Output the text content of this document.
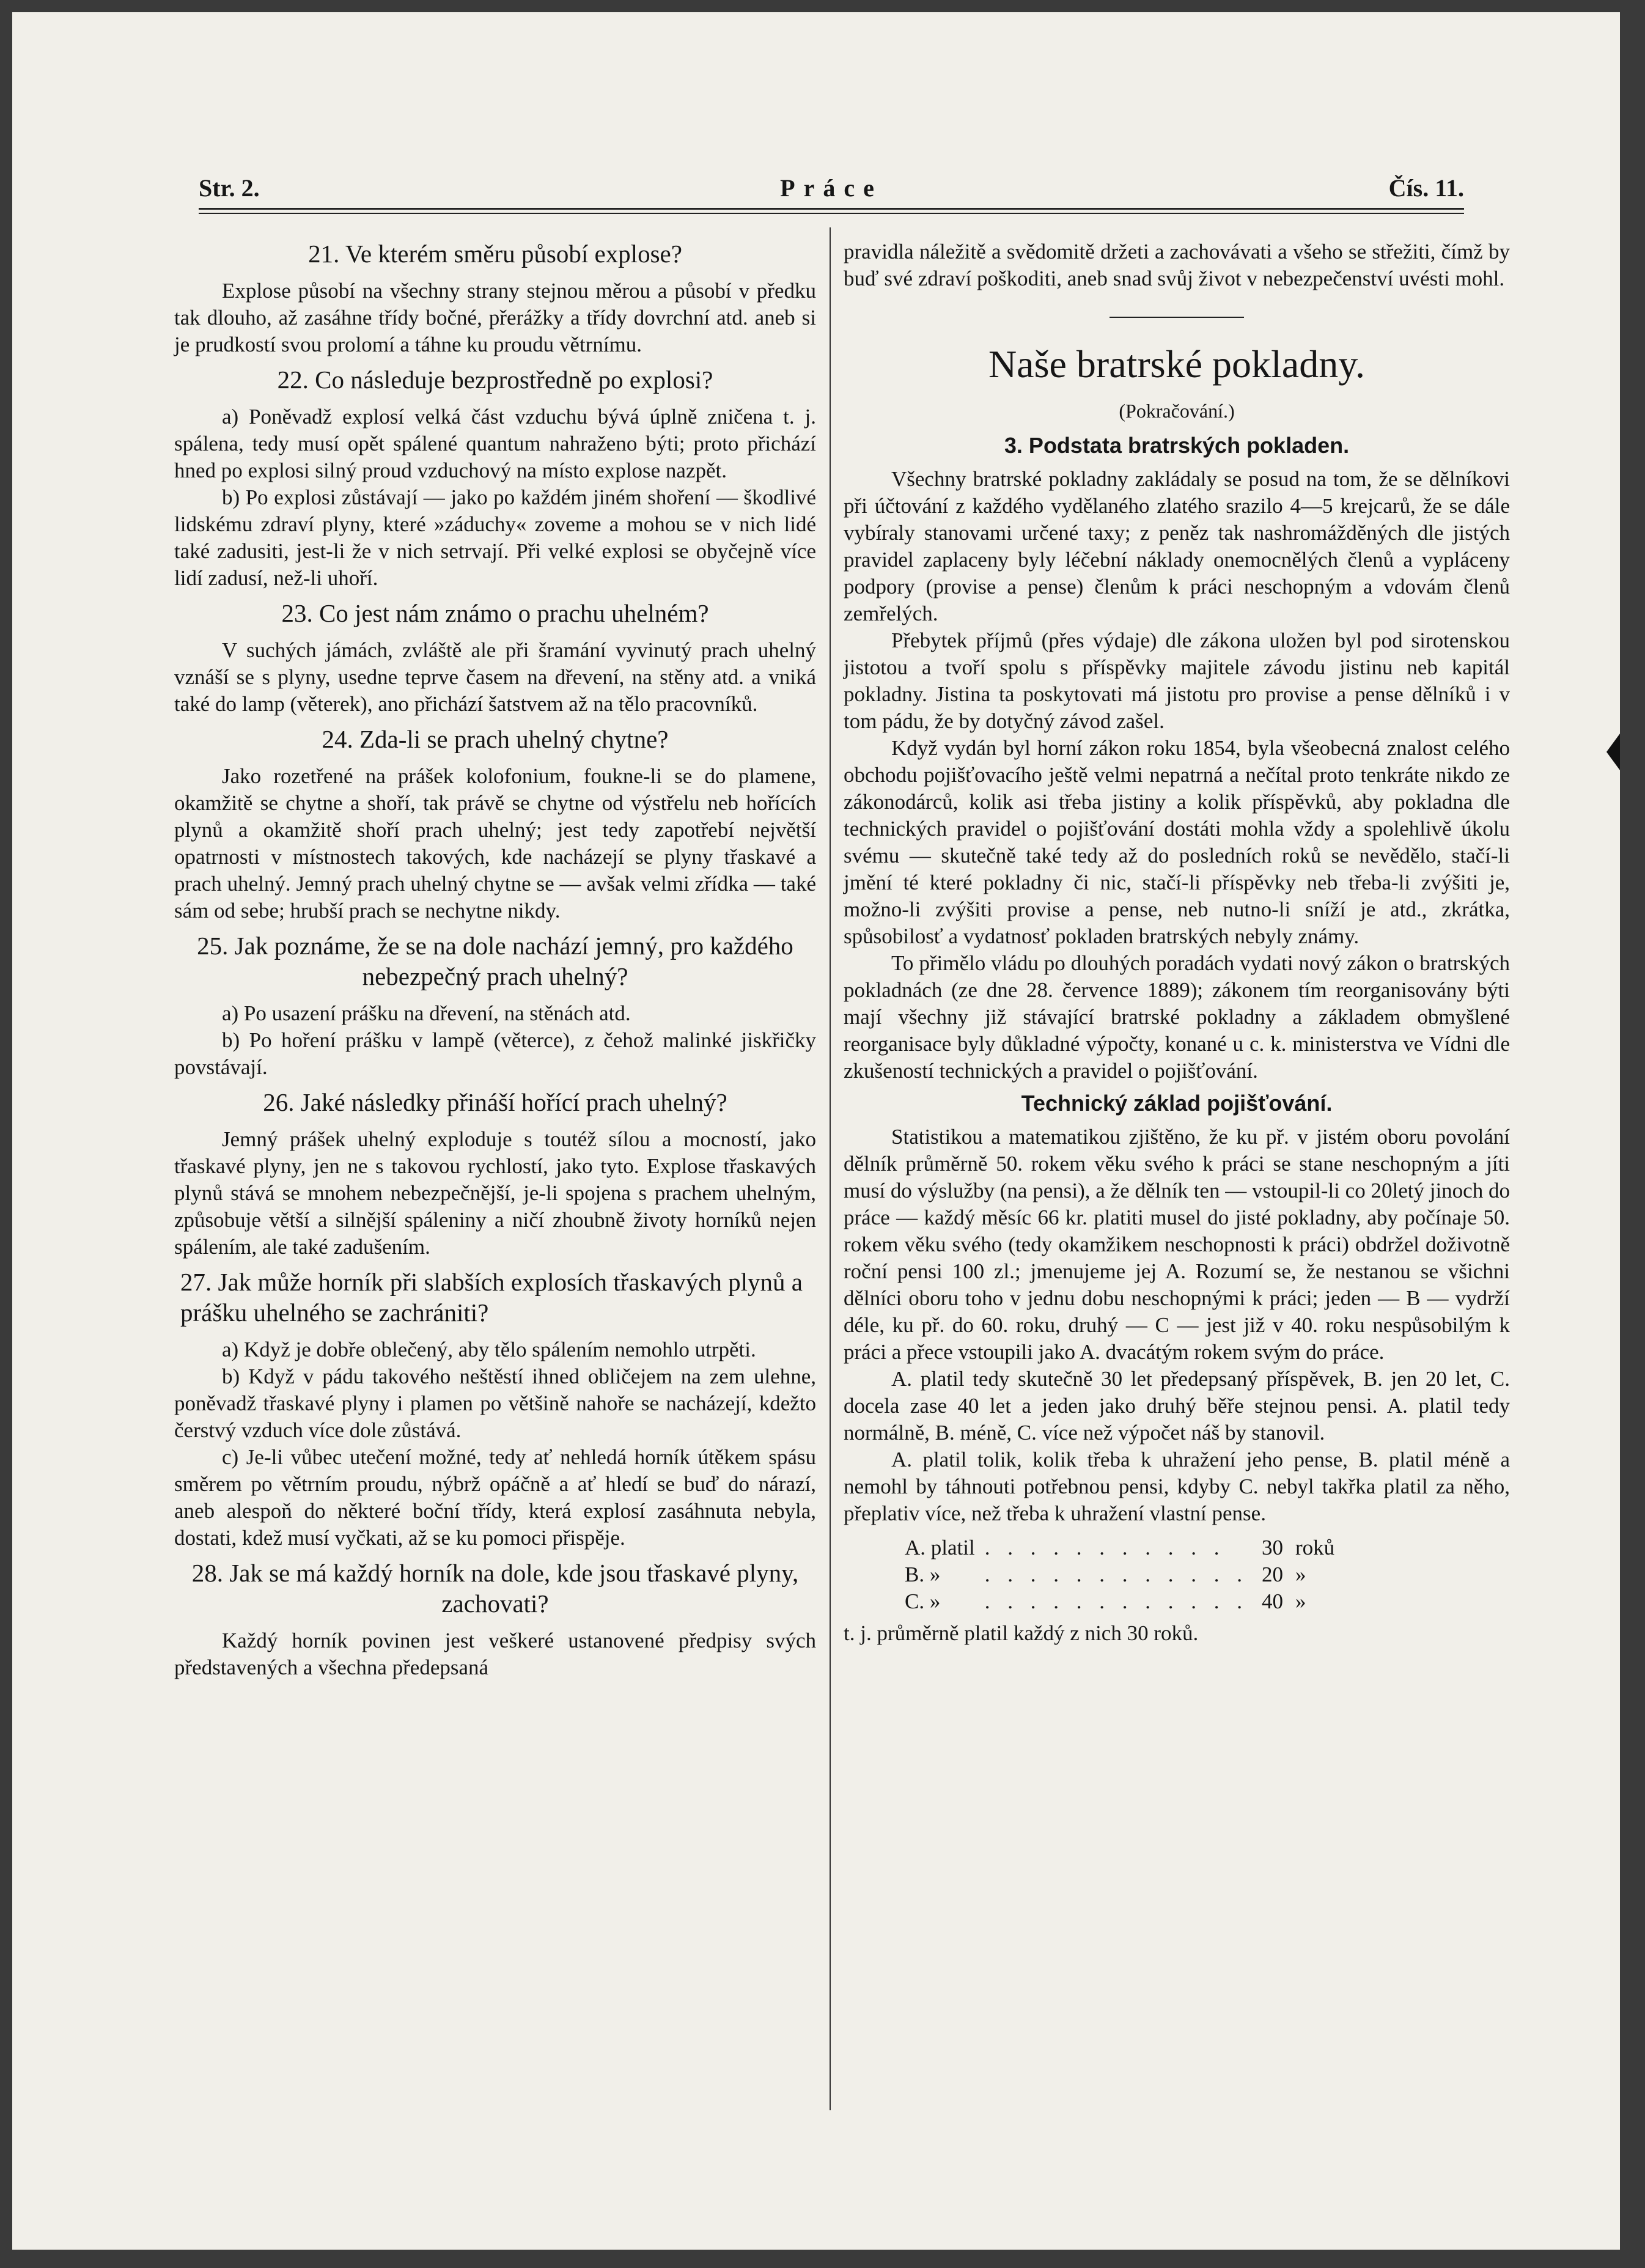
Str. 2.	Práce	Čís. 11.
21. Ve kterém směru působí explose?

Explose působí na všechny strany stejnou měrou a působí v předku tak dlouho, až zasáhne třídy bočné, přerážky a třídy dovrchní atd. aneb si je prudkostí svou prolomí a táhne ku proudu větrnímu.

22. Co následuje bezprostředně po explosi?

a) Poněvadž explosí velká část vzduchu bývá úplně zničena t. j. spálena, tedy musí opět spálené quantum nahraženo býti; proto přichází hned po explosi silný proud vzduchový na místo explose nazpět.

b) Po explosi zůstávají — jako po každém jiném shoření — škodlivé lidskému zdraví plyny, které »záduchy« zoveme a mohou se v nich lidé také zadusiti, jest-li že v nich setrvají. Při velké explosi se obyčejně více lidí zadusí, než-li uhoří.

23. Co jest nám známo o prachu uhelném?

V suchých jámách, zvláště ale při šramání vyvinutý prach uhelný vznáší se s plyny, usedne teprve časem na dřevení, na stěny atd. a vniká také do lamp (věterek), ano přichází šatstvem až na tělo pracovníků.

24. Zda-li se prach uhelný chytne?

Jako rozetřené na prášek kolofonium, foukne-li se do plamene, okamžitě se chytne a shoří, tak právě se chytne od výstřelu neb hořících plynů a okamžitě shoří prach uhelný; jest tedy zapotřebí největší opatrnosti v místnostech takových, kde nacházejí se plyny třaskavé a prach uhelný. Jemný prach uhelný chytne se — avšak velmi zřídka — také sám od sebe; hrubší prach se nechytne nikdy.

25. Jak poznáme, že se na dole nachází jemný, pro každého nebezpečný prach uhelný?

a) Po usazení prášku na dřevení, na stěnách atd.

b) Po hoření prášku v lampě (věterce), z čehož malinké jiskřičky povstávají.

26. Jaké následky přináší hořící prach uhelný?

Jemný prášek uhelný exploduje s toutéž sílou a mocností, jako třaskavé plyny, jen ne s takovou rychlostí, jako tyto. Explose třaskavých plynů stává se mnohem nebezpečnější, je-li spojena s prachem uhelným, způsobuje větší a silnější spáleniny a ničí zhoubně životy horníků nejen spálením, ale také zadušením.

27. Jak může horník při slabších explosích třaskavých plynů a prášku uhelného se zachrániti?

a) Když je dobře oblečený, aby tělo spálením nemohlo utrpěti.

b) Když v pádu takového neštěstí ihned obličejem na zem ulehne, poněvadž třaskavé plyny i plamen po většině nahoře se nacházejí, kdežto čerstvý vzduch více dole zůstává.

c) Je-li vůbec utečení možné, tedy ať nehledá horník útěkem spásu směrem po větrním proudu, nýbrž opáčně a ať hledí se buď do nárazí, aneb alespoň do některé boční třídy, která explosí zasáhnuta nebyla, dostati, kdež musí vyčkati, až se ku pomoci přispěje.

28. Jak se má každý horník na dole, kde jsou třaskavé plyny, zachovati?

Každý horník povinen jest veškeré ustanovené předpisy svých představených a všechna předepsaná

pravidla náležitě a svědomitě držeti a zachovávati a všeho se střežiti, čímž by buď své zdraví poškoditi, aneb snad svůj život v nebezpečenství uvésti mohl.

Naše bratrské pokladny.
(Pokračování.)
3. Podstata bratrských pokladen.

Všechny bratrské pokladny zakládaly se posud na tom, že se dělníkovi při účtování z každého vydělaného zlatého srazilo 4—5 krejcarů, že se dále vybíraly stanovami určené taxy; z peněz tak nashromážděných dle jistých pravidel zaplaceny byly léčební náklady onemocnělých členů a vypláceny podpory (provise a pense) členům k práci neschopným a vdovám členů zemřelých.

Přebytek příjmů (přes výdaje) dle zákona uložen byl pod sirotenskou jistotou a tvoří spolu s příspěvky majitele závodu jistinu neb kapitál pokladny. Jistina ta poskytovati má jistotu pro provise a pense dělníků i v tom pádu, že by dotyčný závod zašel.

Když vydán byl horní zákon roku 1854, byla všeobecná znalost celého obchodu pojišťovacího ještě velmi nepatrná a nečítal proto tenkráte nikdo ze zákonodárců, kolik asi třeba jistiny a kolik příspěvků, aby pokladna dle technických pravidel o pojišťování dostáti mohla vždy a spolehlivě úkolu svému — skutečně také tedy až do posledních roků se nevědělo, stačí-li jmění té které pokladny či nic, stačí-li příspěvky neb třeba-li zvýšiti je, možno-li zvýšiti provise a pense, neb nutno-li sníží je atd., zkrátka, spůsobilosť a vydatnosť pokladen bratrských nebyly známy.

To přimělo vládu po dlouhých poradách vydati nový zákon o bratrských pokladnách (ze dne 28. července 1889); zákonem tím reorganisovány býti mají všechny již stávající bratrské pokladny a základem obmyšlené reorganisace byly důkladné výpočty, konané u c. k. ministerstva ve Vídni dle zkušeností technických a pravidel o pojišťování.

Technický základ pojišťování.

Statistikou a matematikou zjištěno, že ku př. v jistém oboru povolání dělník průměrně 50. rokem věku svého k práci se stane neschopným a jíti musí do výslužby (na pensi), a že dělník ten — vstoupil-li co 20letý jinoch do práce — každý měsíc 66 kr. platiti musel do jisté pokladny, aby počínaje 50. rokem věku svého (tedy okamžikem neschopnosti k práci) obdržel doživotně roční pensi 100 zl.; jmenujeme jej A. Rozumí se, že nestanou se všichni dělníci oboru toho v jednu dobu neschopnými k práci; jeden — B — vydrží déle, ku př. do 60. roku, druhý — C — jest již v 40. roku nespůsobilým k práci a přece vstoupili jako A. dvacátým rokem svým do práce.

A. platil tedy skutečně 30 let předepsaný příspěvek, B. jen 20 let, C. docela zase 40 let a jeden jako druhý běře stejnou pensi. A. platil tedy normálně, B. méně, C. více než výpočet náš by stanovil.

A. platil tolik, kolik třeba k uhražení jeho pense, B. platil méně a nemohl by táhnouti potřebnou pensi, kdyby C. nebyl takřka platil za něho, přeplativ více, než třeba k uhražení vlastní pense.

A. platil	. . . . . . . . . . .	30	roků
B. »	. . . . . . . . . . . .	20	»
C. »	. . . . . . . . . . . .	40	»

t. j. průměrně platil každý z nich 30 roků.
